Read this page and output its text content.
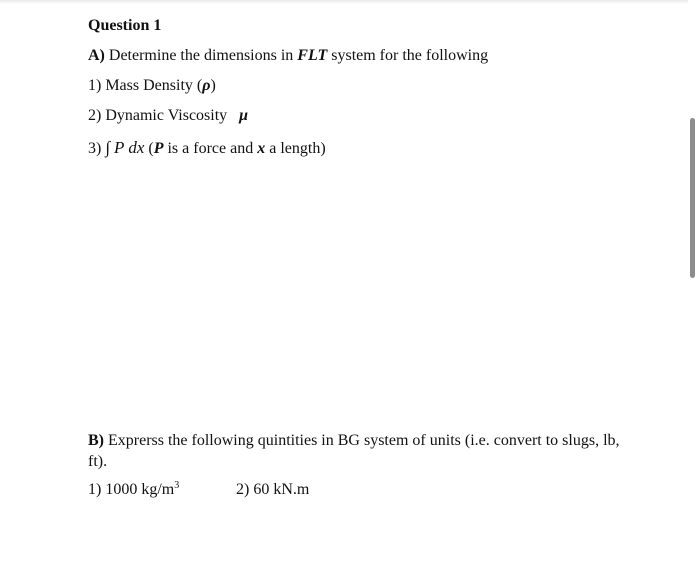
Question 1
A) Determine the dimensions in FLT system for the following
1) Mass Density (ρ)
2) Dynamic Viscosity μ
3) ∫ P dx (P is a force and x a length)
B) Exprerss the following quintities in BG system of units (i.e. convert to slugs, lb, ft).
1) 1000 $kg/m^3$	2) 60 kN.m
